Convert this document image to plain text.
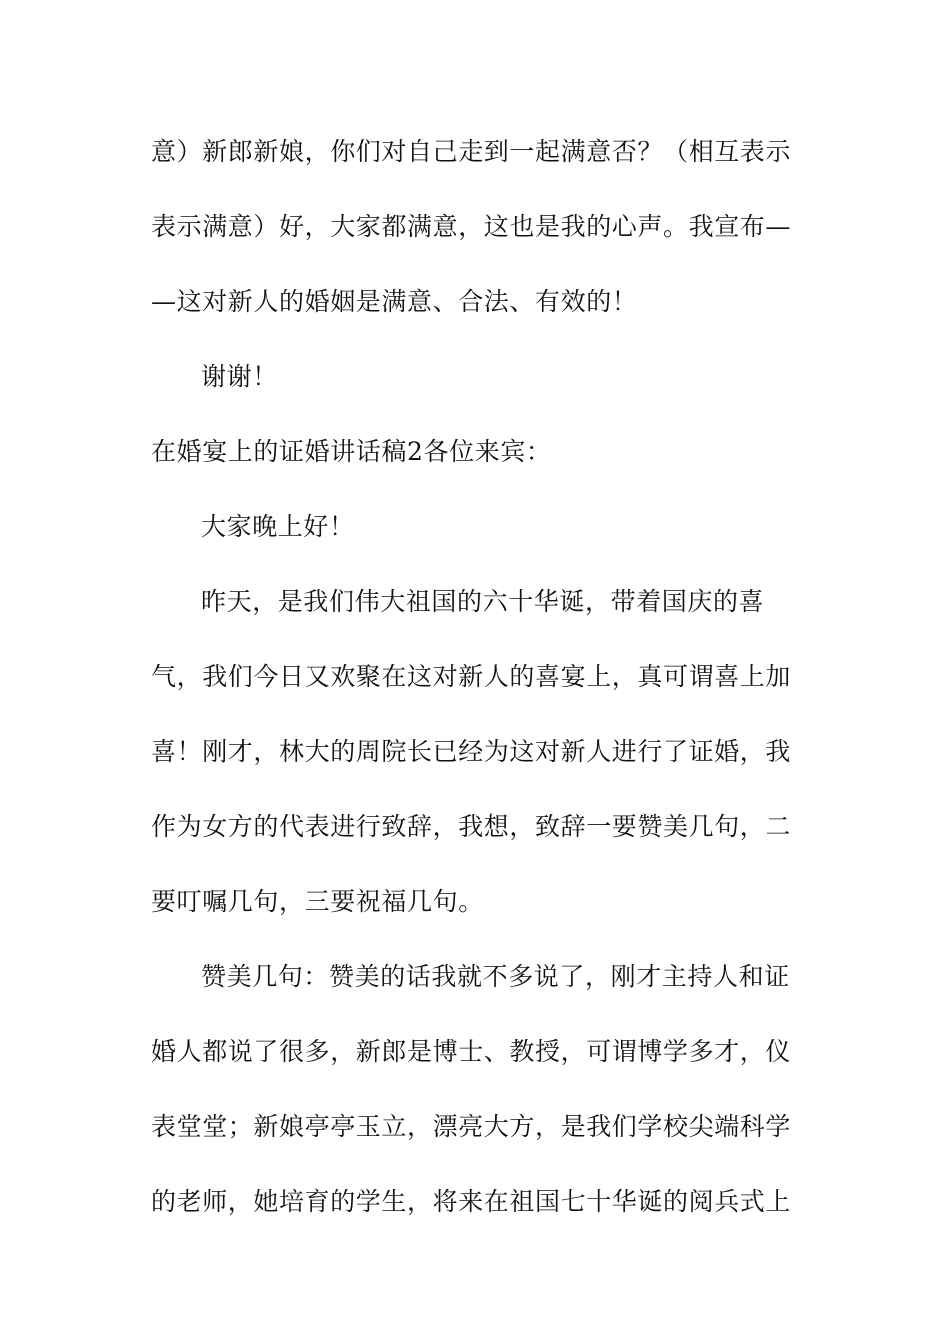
意）新郎新娘，你们对自己走到一起满意否？（相互表示
表示满意）好，大家都满意，这也是我的心声。我宣布—
—这对新人的婚姻是满意、合法、有效的！
谢谢！
在婚宴上的证婚讲话稿2各位来宾：
大家晚上好！
昨天，是我们伟大祖国的六十华诞，带着国庆的喜
气，我们今日又欢聚在这对新人的喜宴上，真可谓喜上加
喜！刚才，林大的周院长已经为这对新人进行了证婚，我
作为女方的代表进行致辞，我想，致辞一要赞美几句，二
要叮嘱几句，三要祝福几句。
赞美几句：赞美的话我就不多说了，刚才主持人和证
婚人都说了很多，新郎是博士、教授，可谓博学多才，仪
表堂堂；新娘亭亭玉立，漂亮大方，是我们学校尖端科学
的老师，她培育的学生，将来在祖国七十华诞的阅兵式上
